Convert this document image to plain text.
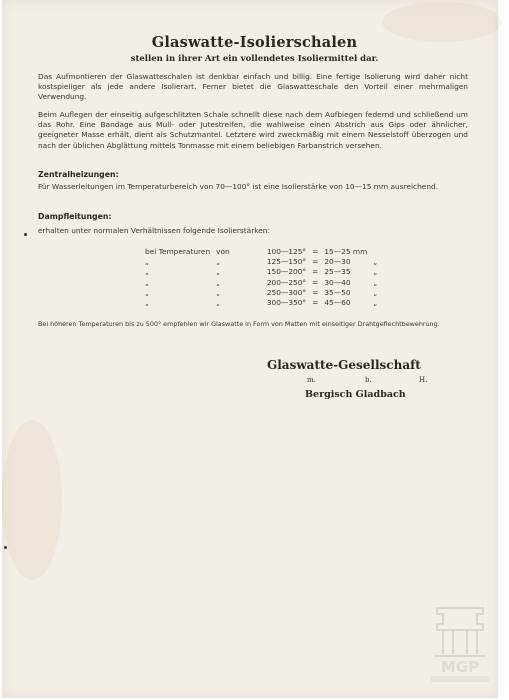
Glaswatte-Isolierschalen
stellen in ihrer Art ein vollendetes Isoliermittel dar.
Das Aufmontieren der Glaswatteschalen ist denkbar einfach und billig. Eine fertige Isolierung wird daher nicht kostspieliger als jede andere Isolierart. Ferner bietet die Glaswatteschale den Vorteil einer mehrmaligen Verwendung.
Beim Auflegen der einseitig aufgeschlitzten Schale schnellt diese nach dem Aufbiegen federnd und schließend um das Rohr. Eine Bandage aus Mull- oder Jutestreifen, die wahlweise einen Abstrich aus Gips oder ähnlicher, geeigneter Masse erhält, dient als Schutzmantel. Letztere wird zweckmäßig mit einem Nesselstoff überzogen und nach der üblichen Abglättung mittels Tonmasse mit einem beliebigen Farbanstrich versehen.
Zentralheizungen:
Für Wasserleitungen im Temperaturbereich von 70—100° ist eine Isolierstärke von 10—15 mm ausreichend.
Dampfleitungen:
erhalten unter normalen Verhältnissen folgende Isolierstärken:
bei Temperaturen	von	100—125°	=	15—25 mm	
„	„	125—150°	=	20—30	„
„	„	150—200°	=	25—35	„
„	„	200—250°	=	30—40	„
„	„	250—300°	=	35—50	„
„	„	300—350°	=	45—60	„
Bei höheren Temperaturen bis zu 500° empfehlen wir Glaswatte in Form von Matten mit einseitiger Drahtgeflechtbewehrung.
Glaswatte-Gesellschaft
m.	b.	H.
Bergisch Gladbach
MGP
